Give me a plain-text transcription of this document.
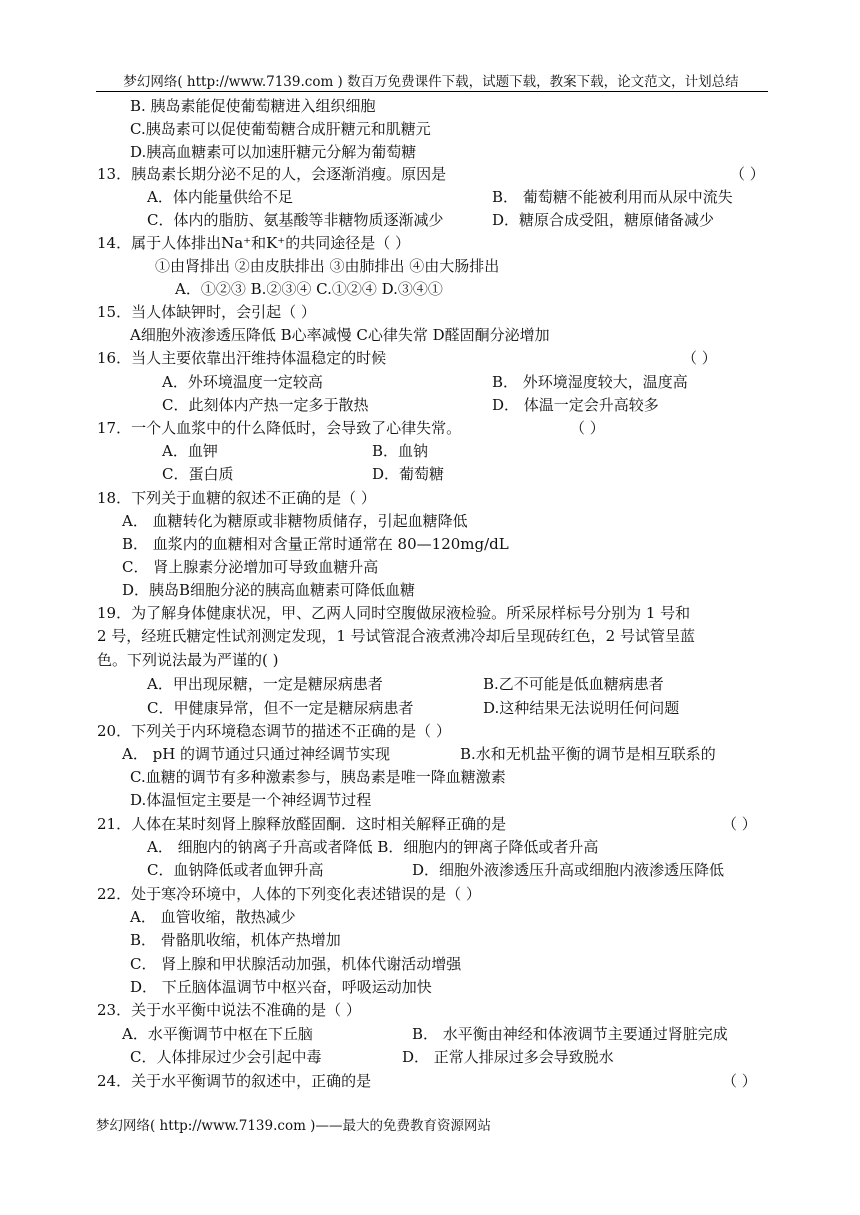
梦幻网络( http://www.7139.com ) 数百万免费课件下载，试题下载，教案下载，论文范文，计划总结
B. 胰岛素能促使葡萄糖进入组织细胞
C.胰岛素可以促使葡萄糖合成肝糖元和肌糖元
D.胰高血糖素可以加速肝糖元分解为葡萄糖
13．胰岛素长期分泌不足的人，会逐渐消瘦。原因是	（ ）
A．体内能量供给不足	B． 葡萄糖不能被利用而从尿中流失
C．体内的脂肪、氨基酸等非糖物质逐渐减少	D．糖原合成受阻，糖原储备减少
14．属于人体排出Na⁺和K⁺的共同途径是（ ）
①由肾排出 ②由皮肤排出 ③由肺排出 ④由大肠排出
A．①②③ B.②③④ C.①②④ D.③④①
15．当人体缺钾时，会引起（ ）
A细胞外液渗透压降低 B心率减慢 C心律失常 D醛固酮分泌增加
16．当人主要依靠出汗维持体温稳定的时候	（ ）
A．外环境温度一定较高	B． 外环境湿度较大，温度高
C．此刻体内产热一定多于散热	D． 体温一定会升高较多
17．一个人血浆中的什么降低时，会导致了心律失常。	（ ）
A．血钾	B．血钠
C．蛋白质	D．葡萄糖
18．下列关于血糖的叙述不正确的是（ ）
A． 血糖转化为糖原或非糖物质储存，引起血糖降低
B． 血浆内的血糖相对含量正常时通常在 80—120mg/dL
C． 肾上腺素分泌增加可导致血糖升高
D．胰岛B细胞分泌的胰高血糖素可降低血糖
19．为了解身体健康状况，甲、乙两人同时空腹做尿液检验。所采尿样标号分别为 1 号和
2 号，经班氏糖定性试剂测定发现，1 号试管混合液煮沸冷却后呈现砖红色，2 号试管呈蓝
色。下列说法最为严谨的( )
A．甲出现尿糖，一定是糖尿病患者	B.乙不可能是低血糖病患者
C．甲健康异常，但不一定是糖尿病患者	D.这种结果无法说明任何问题
20．下列关于内环境稳态调节的描述不正确的是（ ）
A． pH 的调节通过只通过神经调节实现	B.水和无机盐平衡的调节是相互联系的
C.血糖的调节有多种激素参与，胰岛素是唯一降血糖激素
D.体温恒定主要是一个神经调节过程
21．人体在某时刻肾上腺释放醛固酮．这时相关解释正确的是	（ ）
A． 细胞内的钠离子升高或者降低 B．细胞内的钾离子降低或者升高
C．血钠降低或者血钾升高	D．细胞外液渗透压升高或细胞内液渗透压降低
22．处于寒冷环境中，人体的下列变化表述错误的是（ ）
A． 血管收缩，散热减少
B． 骨骼肌收缩，机体产热增加
C． 肾上腺和甲状腺活动加强，机体代谢活动增强
D． 下丘脑体温调节中枢兴奋，呼吸运动加快
23．关于水平衡中说法不准确的是（ ）
A．水平衡调节中枢在下丘脑	B． 水平衡由神经和体液调节主要通过肾脏完成
C．人体排尿过少会引起中毒	D． 正常人排尿过多会导致脱水
24．关于水平衡调节的叙述中，正确的是	（ ）
梦幻网络( http://www.7139.com )——最大的免费教育资源网站
